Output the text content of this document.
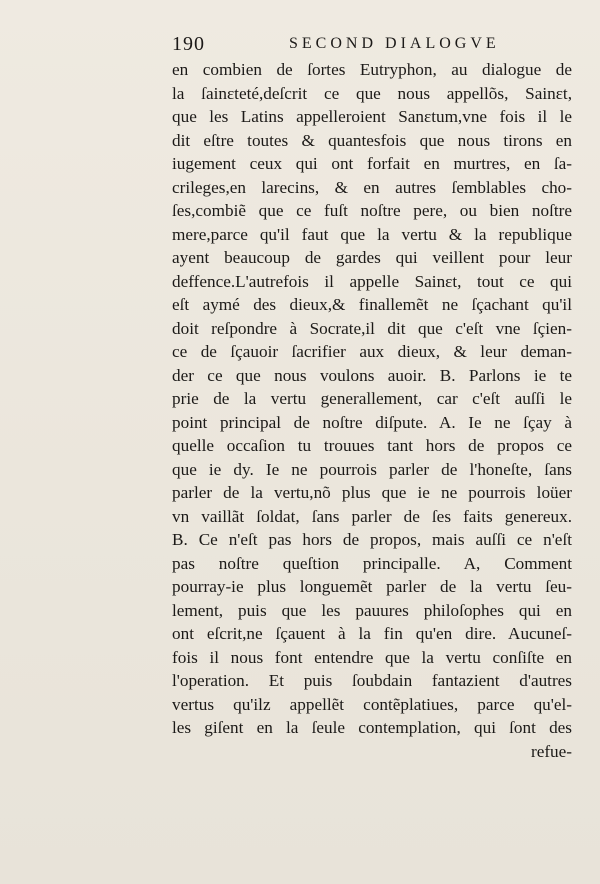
190	SECOND DIALOGVE
en combien de ſortes Eutryphon, au dialogue de
la ſainɛteté,deſcrit ce que nous appellõs, Sainɛt,
que les Latins appelleroient Sanɛtum,vne fois il le
dit eſtre toutes & quantesfois que nous tirons en
iugement ceux qui ont forfait en murtres, en ſa-
crileges,en larecins, & en autres ſemblables cho-
ſes,combiẽ que ce fuſt noſtre pere, ou bien noſtre
mere,parce qu'il faut que la vertu & la republique
ayent beaucoup de gardes qui veillent pour leur
deffence.L'autrefois il appelle Sainɛt, tout ce qui
eſt aymé des dieux,& finallemẽt ne ſçachant qu'il
doit reſpondre à Socrate,il dit que c'eſt vne ſçien-
ce de ſçauoir ſacrifier aux dieux, & leur deman-
der ce que nous voulons auoir. B. Parlons ie te
prie de la vertu generallement, car c'eſt auſſi le
point principal de noſtre diſpute. A. Ie ne ſçay à
quelle occaſion tu trouues tant hors de propos ce
que ie dy. Ie ne pourrois parler de l'honeſte, ſans
parler de la vertu,nõ plus que ie ne pourrois loüer
vn vaillãt ſoldat, ſans parler de ſes faits genereux.
B. Ce n'eſt pas hors de propos, mais auſſi ce n'eſt
pas noſtre queſtion principalle. A, Comment
pourray-ie plus longuemẽt parler de la vertu ſeu-
lement, puis que les pauures philoſophes qui en
ont eſcrit,ne ſçauent à la fin qu'en dire. Aucuneſ-
fois il nous font entendre que la vertu conſiſte en
l'operation. Et puis ſoubdain fantazient d'autres
vertus qu'ilz appellẽt contẽplatiues, parce qu'el-
les giſent en la ſeule contemplation, qui ſont des
refue-
